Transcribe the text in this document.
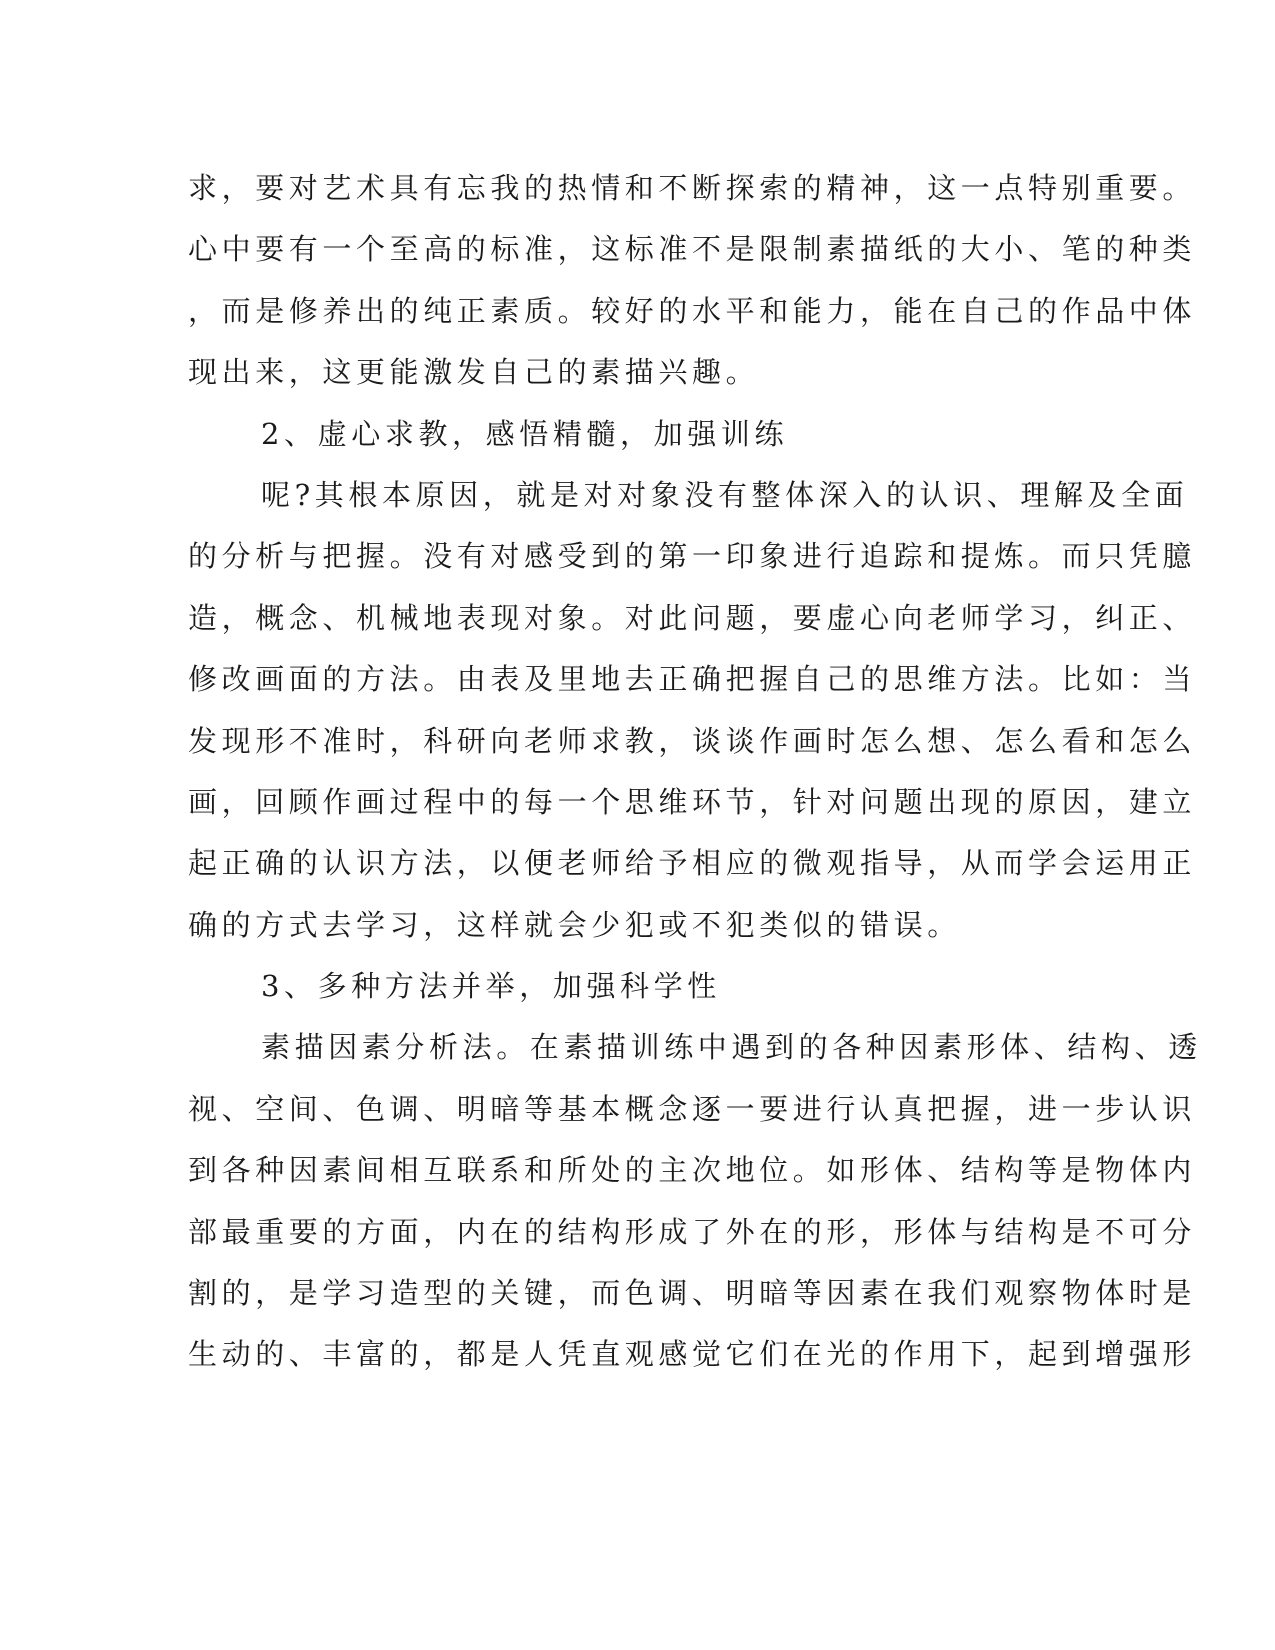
求，要对艺术具有忘我的热情和不断探索的精神，这一点特别重要。
心中要有一个至高的标准，这标准不是限制素描纸的大小、笔的种类
，而是修养出的纯正素质。较好的水平和能力，能在自己的作品中体
现出来，这更能激发自己的素描兴趣。
2、虚心求教，感悟精髓，加强训练
呢?其根本原因，就是对对象没有整体深入的认识、理解及全面
的分析与把握。没有对感受到的第一印象进行追踪和提炼。而只凭臆
造，概念、机械地表现对象。对此问题，要虚心向老师学习，纠正、
修改画面的方法。由表及里地去正确把握自己的思维方法。比如：当
发现形不准时，科研向老师求教，谈谈作画时怎么想、怎么看和怎么
画，回顾作画过程中的每一个思维环节，针对问题出现的原因，建立
起正确的认识方法，以便老师给予相应的微观指导，从而学会运用正
确的方式去学习，这样就会少犯或不犯类似的错误。
3、多种方法并举，加强科学性
素描因素分析法。在素描训练中遇到的各种因素形体、结构、透
视、空间、色调、明暗等基本概念逐一要进行认真把握，进一步认识
到各种因素间相互联系和所处的主次地位。如形体、结构等是物体内
部最重要的方面，内在的结构形成了外在的形，形体与结构是不可分
割的，是学习造型的关键，而色调、明暗等因素在我们观察物体时是
生动的、丰富的，都是人凭直观感觉它们在光的作用下，起到增强形
